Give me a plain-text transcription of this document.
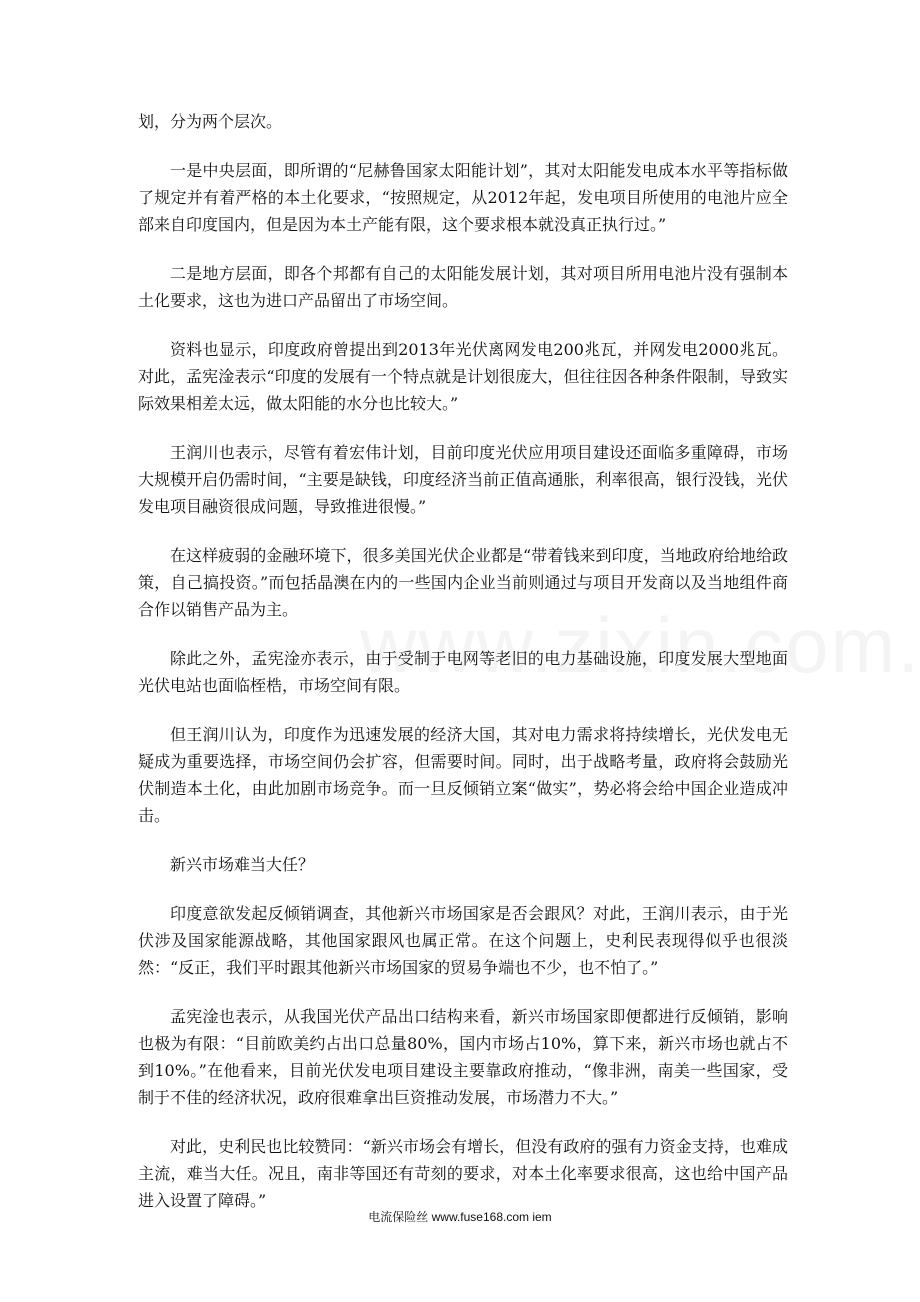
划，分为两个层次。

一是中央层面，即所谓的“尼赫鲁国家太阳能计划”，其对太阳能发电成本水平等指标做了规定并有着严格的本土化要求，“按照规定，从2012年起，发电项目所使用的电池片应全部来自印度国内，但是因为本土产能有限，这个要求根本就没真正执行过。”

二是地方层面，即各个邦都有自己的太阳能发展计划，其对项目所用电池片没有强制本土化要求，这也为进口产品留出了市场空间。

资料也显示，印度政府曾提出到2013年光伏离网发电200兆瓦，并网发电2000兆瓦。对此，孟宪淦表示“印度的发展有一个特点就是计划很庞大，但往往因各种条件限制，导致实际效果相差太远，做太阳能的水分也比较大。”

王润川也表示，尽管有着宏伟计划，目前印度光伏应用项目建设还面临多重障碍，市场大规模开启仍需时间，“主要是缺钱，印度经济当前正值高通胀，利率很高，银行没钱，光伏发电项目融资很成问题，导致推进很慢。”

在这样疲弱的金融环境下，很多美国光伏企业都是“带着钱来到印度，当地政府给地给政策，自己搞投资。”而包括晶澳在内的一些国内企业当前则通过与项目开发商以及当地组件商合作以销售产品为主。

除此之外，孟宪淦亦表示，由于受制于电网等老旧的电力基础设施，印度发展大型地面光伏电站也面临桎梏，市场空间有限。

但王润川认为，印度作为迅速发展的经济大国，其对电力需求将持续增长，光伏发电无疑成为重要选择，市场空间仍会扩容，但需要时间。同时，出于战略考量，政府将会鼓励光伏制造本土化，由此加剧市场竞争。而一旦反倾销立案“做实”，势必将会给中国企业造成冲击。

新兴市场难当大任？

印度意欲发起反倾销调查，其他新兴市场国家是否会跟风？对此，王润川表示，由于光伏涉及国家能源战略，其他国家跟风也属正常。在这个问题上，史利民表现得似乎也很淡然：“反正，我们平时跟其他新兴市场国家的贸易争端也不少，也不怕了。”

孟宪淦也表示，从我国光伏产品出口结构来看，新兴市场国家即便都进行反倾销，影响也极为有限：“目前欧美约占出口总量80%，国内市场占10%，算下来，新兴市场也就占不到10%。”在他看来，目前光伏发电项目建设主要靠政府推动，“像非洲，南美一些国家，受制于不佳的经济状况，政府很难拿出巨资推动发展，市场潜力不大。”

对此，史利民也比较赞同：“新兴市场会有增长，但没有政府的强有力资金支持，也难成主流，难当大任。况且，南非等国还有苛刻的要求，对本土化率要求很高，这也给中国产品进入设置了障碍。”

电流保险丝 www.fuse168.com iem
